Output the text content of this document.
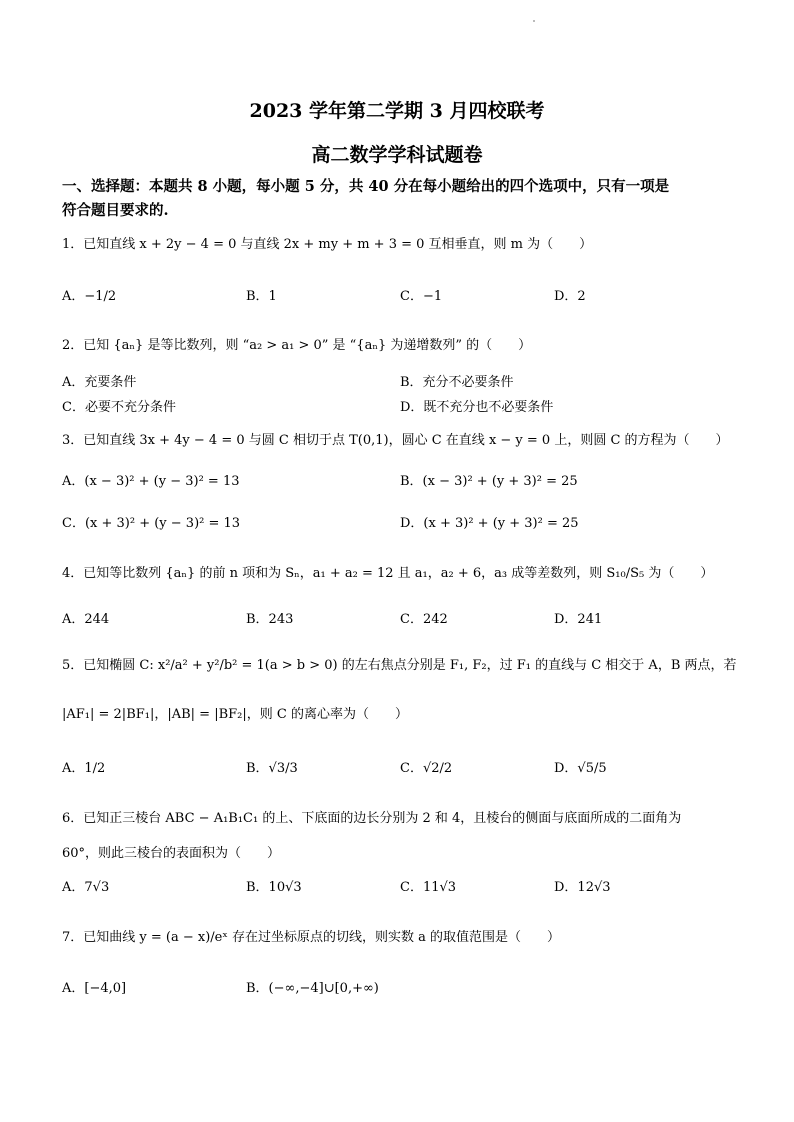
2023 学年第二学期 3 月四校联考
高二数学学科试题卷
一、选择题：本题共 8 小题，每小题 5 分，共 40 分在每小题给出的四个选项中，只有一项是
符合题目要求的.
1．已知直线 x + 2y − 4 = 0 与直线 2x + my + m + 3 = 0 互相垂直，则 m 为（　　）
A．−1/2	B．1	C．−1	D．2
2．已知 {aₙ} 是等比数列，则 “a₂ > a₁ > 0” 是 “{aₙ} 为递增数列” 的（　　）
A．充要条件	B．充分不必要条件
C．必要不充分条件	D．既不充分也不必要条件
3．已知直线 3x + 4y − 4 = 0 与圆 C 相切于点 T(0,1)，圆心 C 在直线 x − y = 0 上，则圆 C 的方程为（　　）
A．(x − 3)² + (y − 3)² = 13	B．(x − 3)² + (y + 3)² = 25
C．(x + 3)² + (y − 3)² = 13	D．(x + 3)² + (y + 3)² = 25
4．已知等比数列 {aₙ} 的前 n 项和为 Sₙ，a₁ + a₂ = 12 且 a₁，a₂ + 6，a₃ 成等差数列，则 S₁₀/S₅ 为（　　）
A．244	B．243	C．242	D．241
5．已知椭圆 C: x²/a² + y²/b² = 1(a > b > 0) 的左右焦点分别是 F₁, F₂，过 F₁ 的直线与 C 相交于 A，B 两点，若
|AF₁| = 2|BF₁|，|AB| = |BF₂|，则 C 的离心率为（　　）
A．1/2	B．√3/3	C．√2/2	D．√5/5
6．已知正三棱台 ABC − A₁B₁C₁ 的上、下底面的边长分别为 2 和 4，且棱台的侧面与底面所成的二面角为
60°，则此三棱台的表面积为（　　）
A．7√3	B．10√3	C．11√3	D．12√3
7．已知曲线 y = (a − x)/eˣ 存在过坐标原点的切线，则实数 a 的取值范围是（　　）
A．[−4,0]	B．(−∞,−4]∪[0,+∞)
